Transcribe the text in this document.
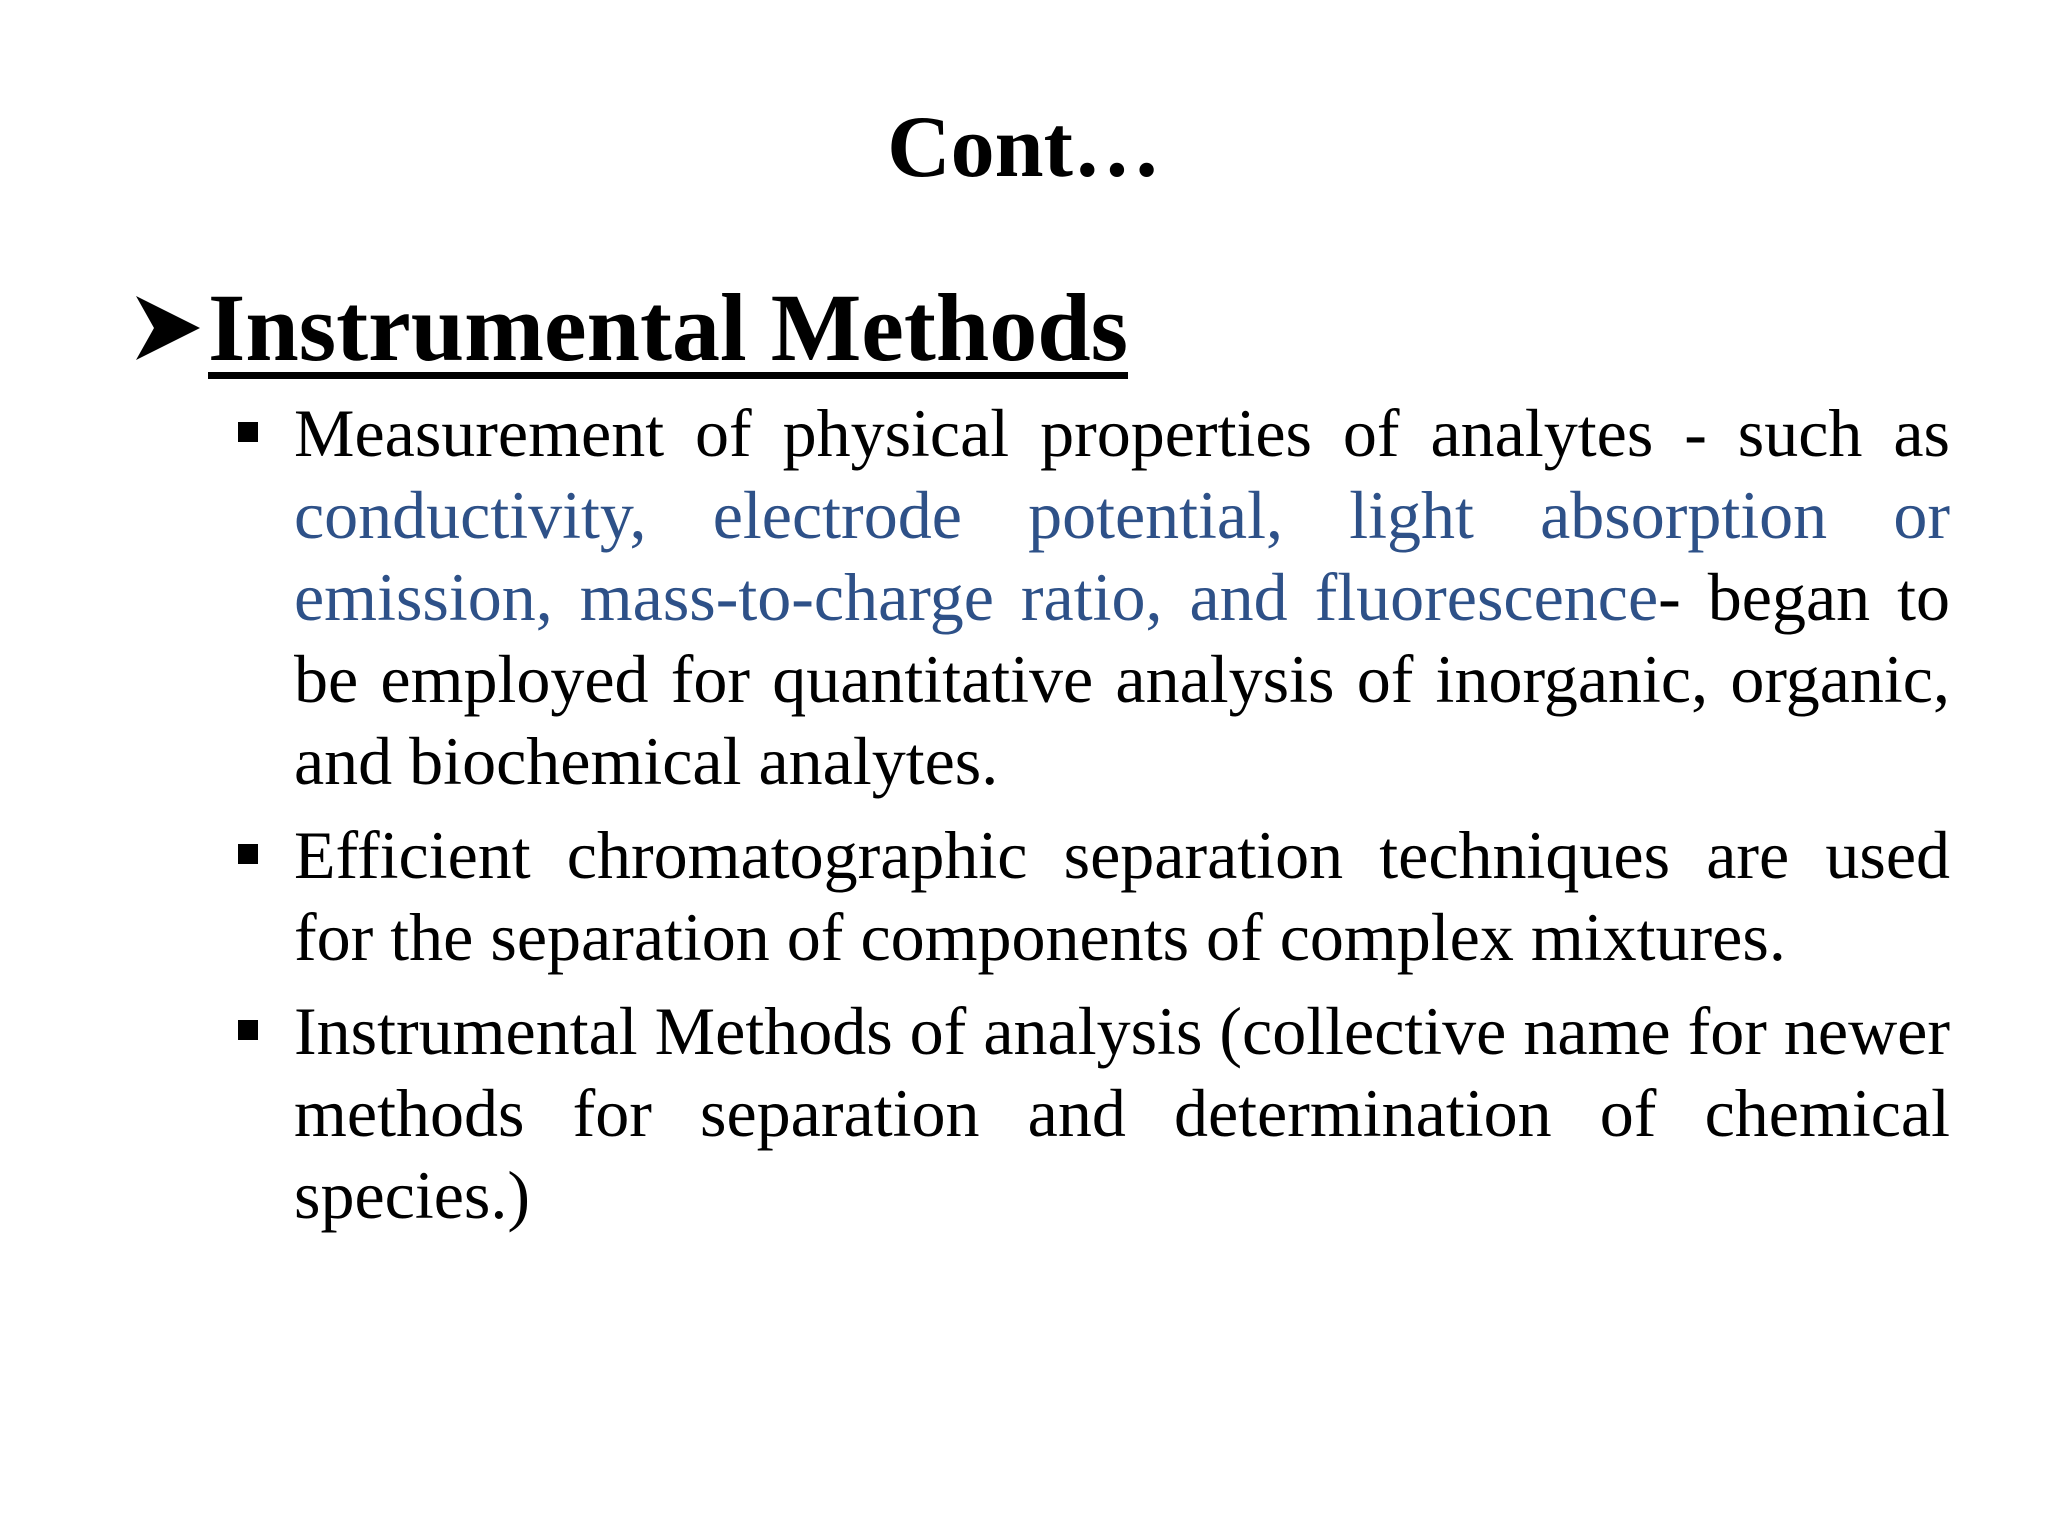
Cont…
Instrumental Methods
Measurement of physical properties of analytes - such as conductivity, electrode potential, light absorption or emission, mass-to-charge ratio, and fluorescence- began to be employed for quantitative analysis of inorganic, organic, and biochemical analytes.
Efficient chromatographic separation techniques are used for the separation of components of complex mixtures.
Instrumental Methods of analysis (collective name for newer methods for separation and determination of chemical species.)
